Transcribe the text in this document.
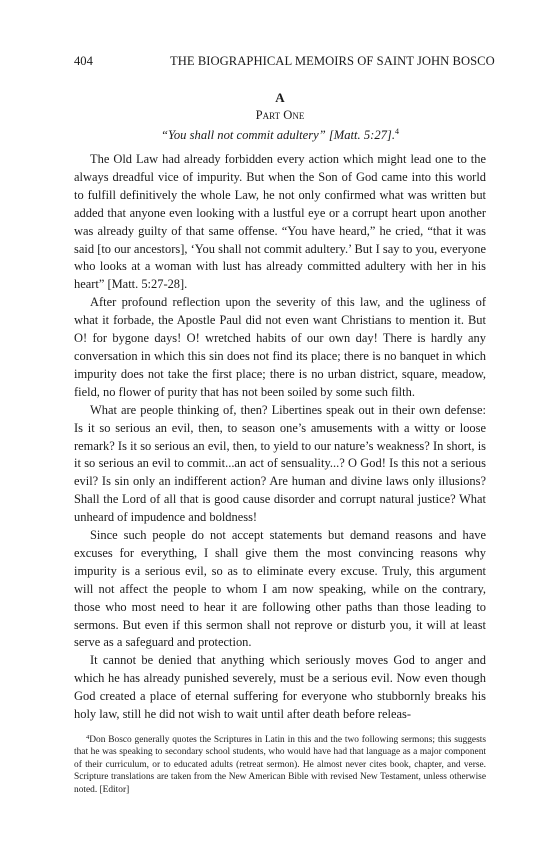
404	THE BIOGRAPHICAL MEMOIRS OF SAINT JOHN BOSCO
A
Part One
“You shall not commit adultery” [Matt. 5:27].$^4$

The Old Law had already forbidden every action which might lead one to the always dreadful vice of impurity. But when the Son of God came into this world to fulfill definitively the whole Law, he not only confirmed what was written but added that anyone even looking with a lustful eye or a corrupt heart upon another was already guilty of that same offense. “You have heard,” he cried, “that it was said [to our ancestors], ‘You shall not commit adultery.’ But I say to you, everyone who looks at a woman with lust has already committed adultery with her in his heart” [Matt. 5:27-28].

After profound reflection upon the severity of this law, and the ugliness of what it forbade, the Apostle Paul did not even want Christians to mention it. But O! for bygone days! O! wretched habits of our own day! There is hardly any conversation in which this sin does not find its place; there is no banquet in which impurity does not take the first place; there is no urban district, square, meadow, field, no flower of purity that has not been soiled by some such filth.

What are people thinking of, then? Libertines speak out in their own defense: Is it so serious an evil, then, to season one’s amusements with a witty or loose remark? Is it so serious an evil, then, to yield to our nature’s weakness? In short, is it so serious an evil to commit...an act of sensuality...? O God! Is this not a serious evil? Is sin only an indifferent action? Are human and divine laws only illusions? Shall the Lord of all that is good cause disorder and corrupt natural justice? What unheard of impudence and boldness!

Since such people do not accept statements but demand reasons and have excuses for everything, I shall give them the most convincing reasons why impurity is a serious evil, so as to eliminate every excuse. Truly, this argument will not affect the people to whom I am now speaking, while on the contrary, those who most need to hear it are following other paths than those leading to sermons. But even if this sermon shall not reprove or disturb you, it will at least serve as a safeguard and protection.

It cannot be denied that anything which seriously moves God to anger and which he has already punished severely, must be a serious evil. Now even though God created a place of eternal suffering for everyone who stubbornly breaks his holy law, still he did not wish to wait until after death before releas-

$^4$Don Bosco generally quotes the Scriptures in Latin in this and the two following sermons; this suggests that he was speaking to secondary school students, who would have had that language as a major component of their curriculum, or to educated adults (retreat sermon). He almost never cites book, chapter, and verse. Scripture translations are taken from the New American Bible with revised New Testament, unless otherwise noted. [Editor]
